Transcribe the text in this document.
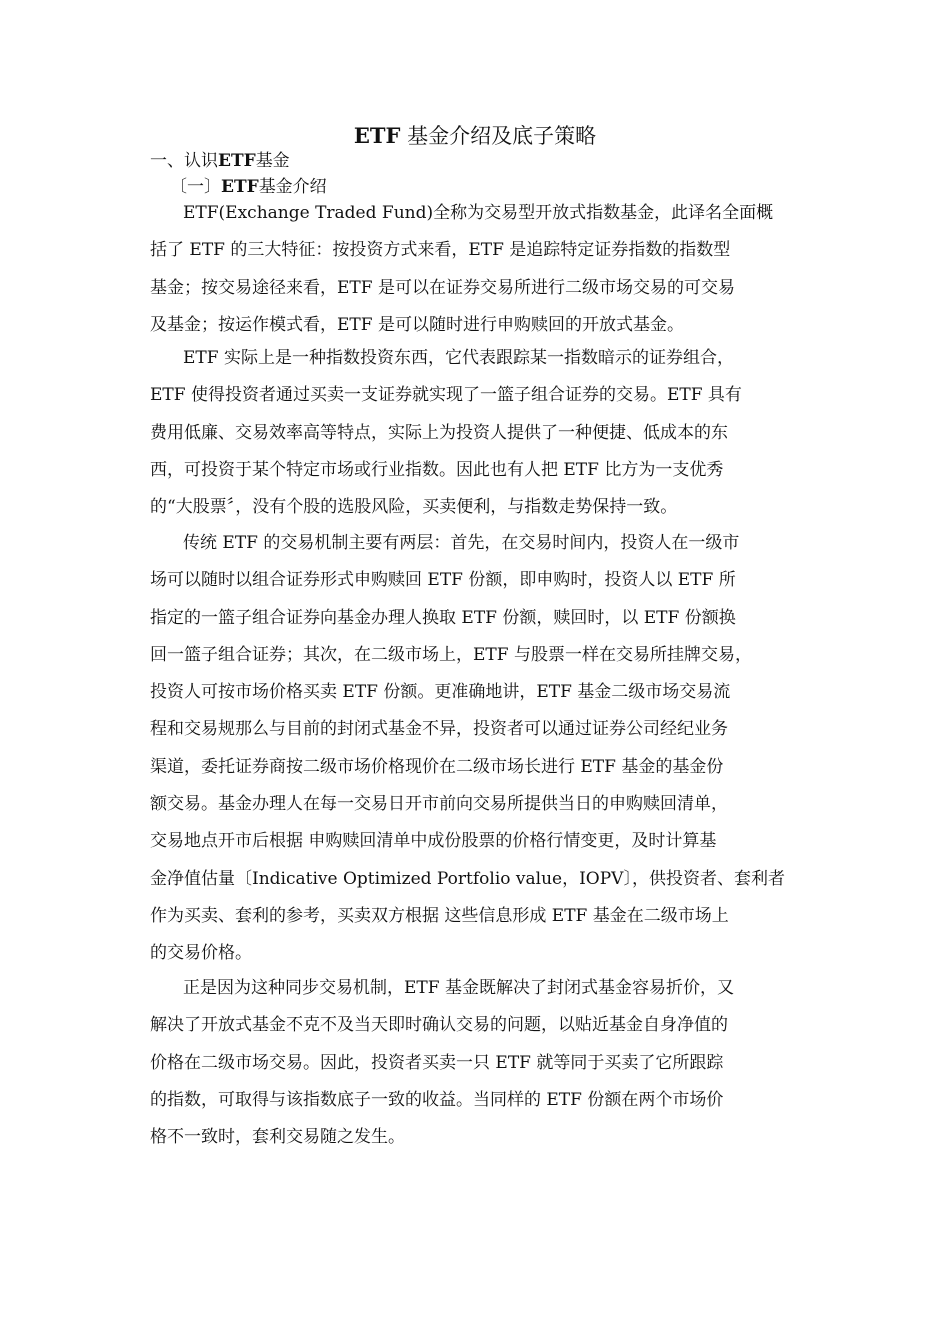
ETF 基金介绍及底子策略
一、认识ETF基金
〔一〕ETF基金介绍
ETF(Exchange Traded Fund)全称为交易型开放式指数基金，此译名全面概
括了 ETF 的三大特征：按投资方式来看，ETF 是追踪特定证券指数的指数型
基金；按交易途径来看，ETF 是可以在证券交易所进行二级市场交易的可交易
及基金；按运作模式看，ETF 是可以随时进行申购赎回的开放式基金。
ETF 实际上是一种指数投资东西，它代表跟踪某一指数暗示的证券组合，
ETF 使得投资者通过买卖一支证券就实现了一篮子组合证券的交易。ETF 具有
费用低廉、交易效率高等特点，实际上为投资人提供了一种便捷、低成本的东
西，可投资于某个特定市场或行业指数。因此也有人把 ETF 比方为一支优秀
的“大股票〞，没有个股的选股风险，买卖便利，与指数走势保持一致。
传统 ETF 的交易机制主要有两层：首先，在交易时间内，投资人在一级市
场可以随时以组合证券形式申购赎回 ETF 份额，即申购时，投资人以 ETF 所
指定的一篮子组合证券向基金办理人换取 ETF 份额，赎回时，以 ETF 份额换
回一篮子组合证券；其次，在二级市场上，ETF 与股票一样在交易所挂牌交易，
投资人可按市场价格买卖 ETF 份额。更准确地讲，ETF 基金二级市场交易流
程和交易规那么与目前的封闭式基金不异，投资者可以通过证券公司经纪业务
渠道，委托证券商按二级市场价格现价在二级市场长进行 ETF 基金的基金份
额交易。基金办理人在每一交易日开市前向交易所提供当日的申购赎回清单，
交易地点开市后根据 申购赎回清单中成份股票的价格行情变更，及时计算基
金净值估量〔Indicative Optimized Portfolio value，IOPV〕，供投资者、套利者
作为买卖、套利的参考，买卖双方根据 这些信息形成 ETF 基金在二级市场上
的交易价格。
正是因为这种同步交易机制，ETF 基金既解决了封闭式基金容易折价，又
解决了开放式基金不克不及当天即时确认交易的问题，以贴近基金自身净值的
价格在二级市场交易。因此，投资者买卖一只 ETF 就等同于买卖了它所跟踪
的指数，可取得与该指数底子一致的收益。当同样的 ETF 份额在两个市场价
格不一致时，套利交易随之发生。
